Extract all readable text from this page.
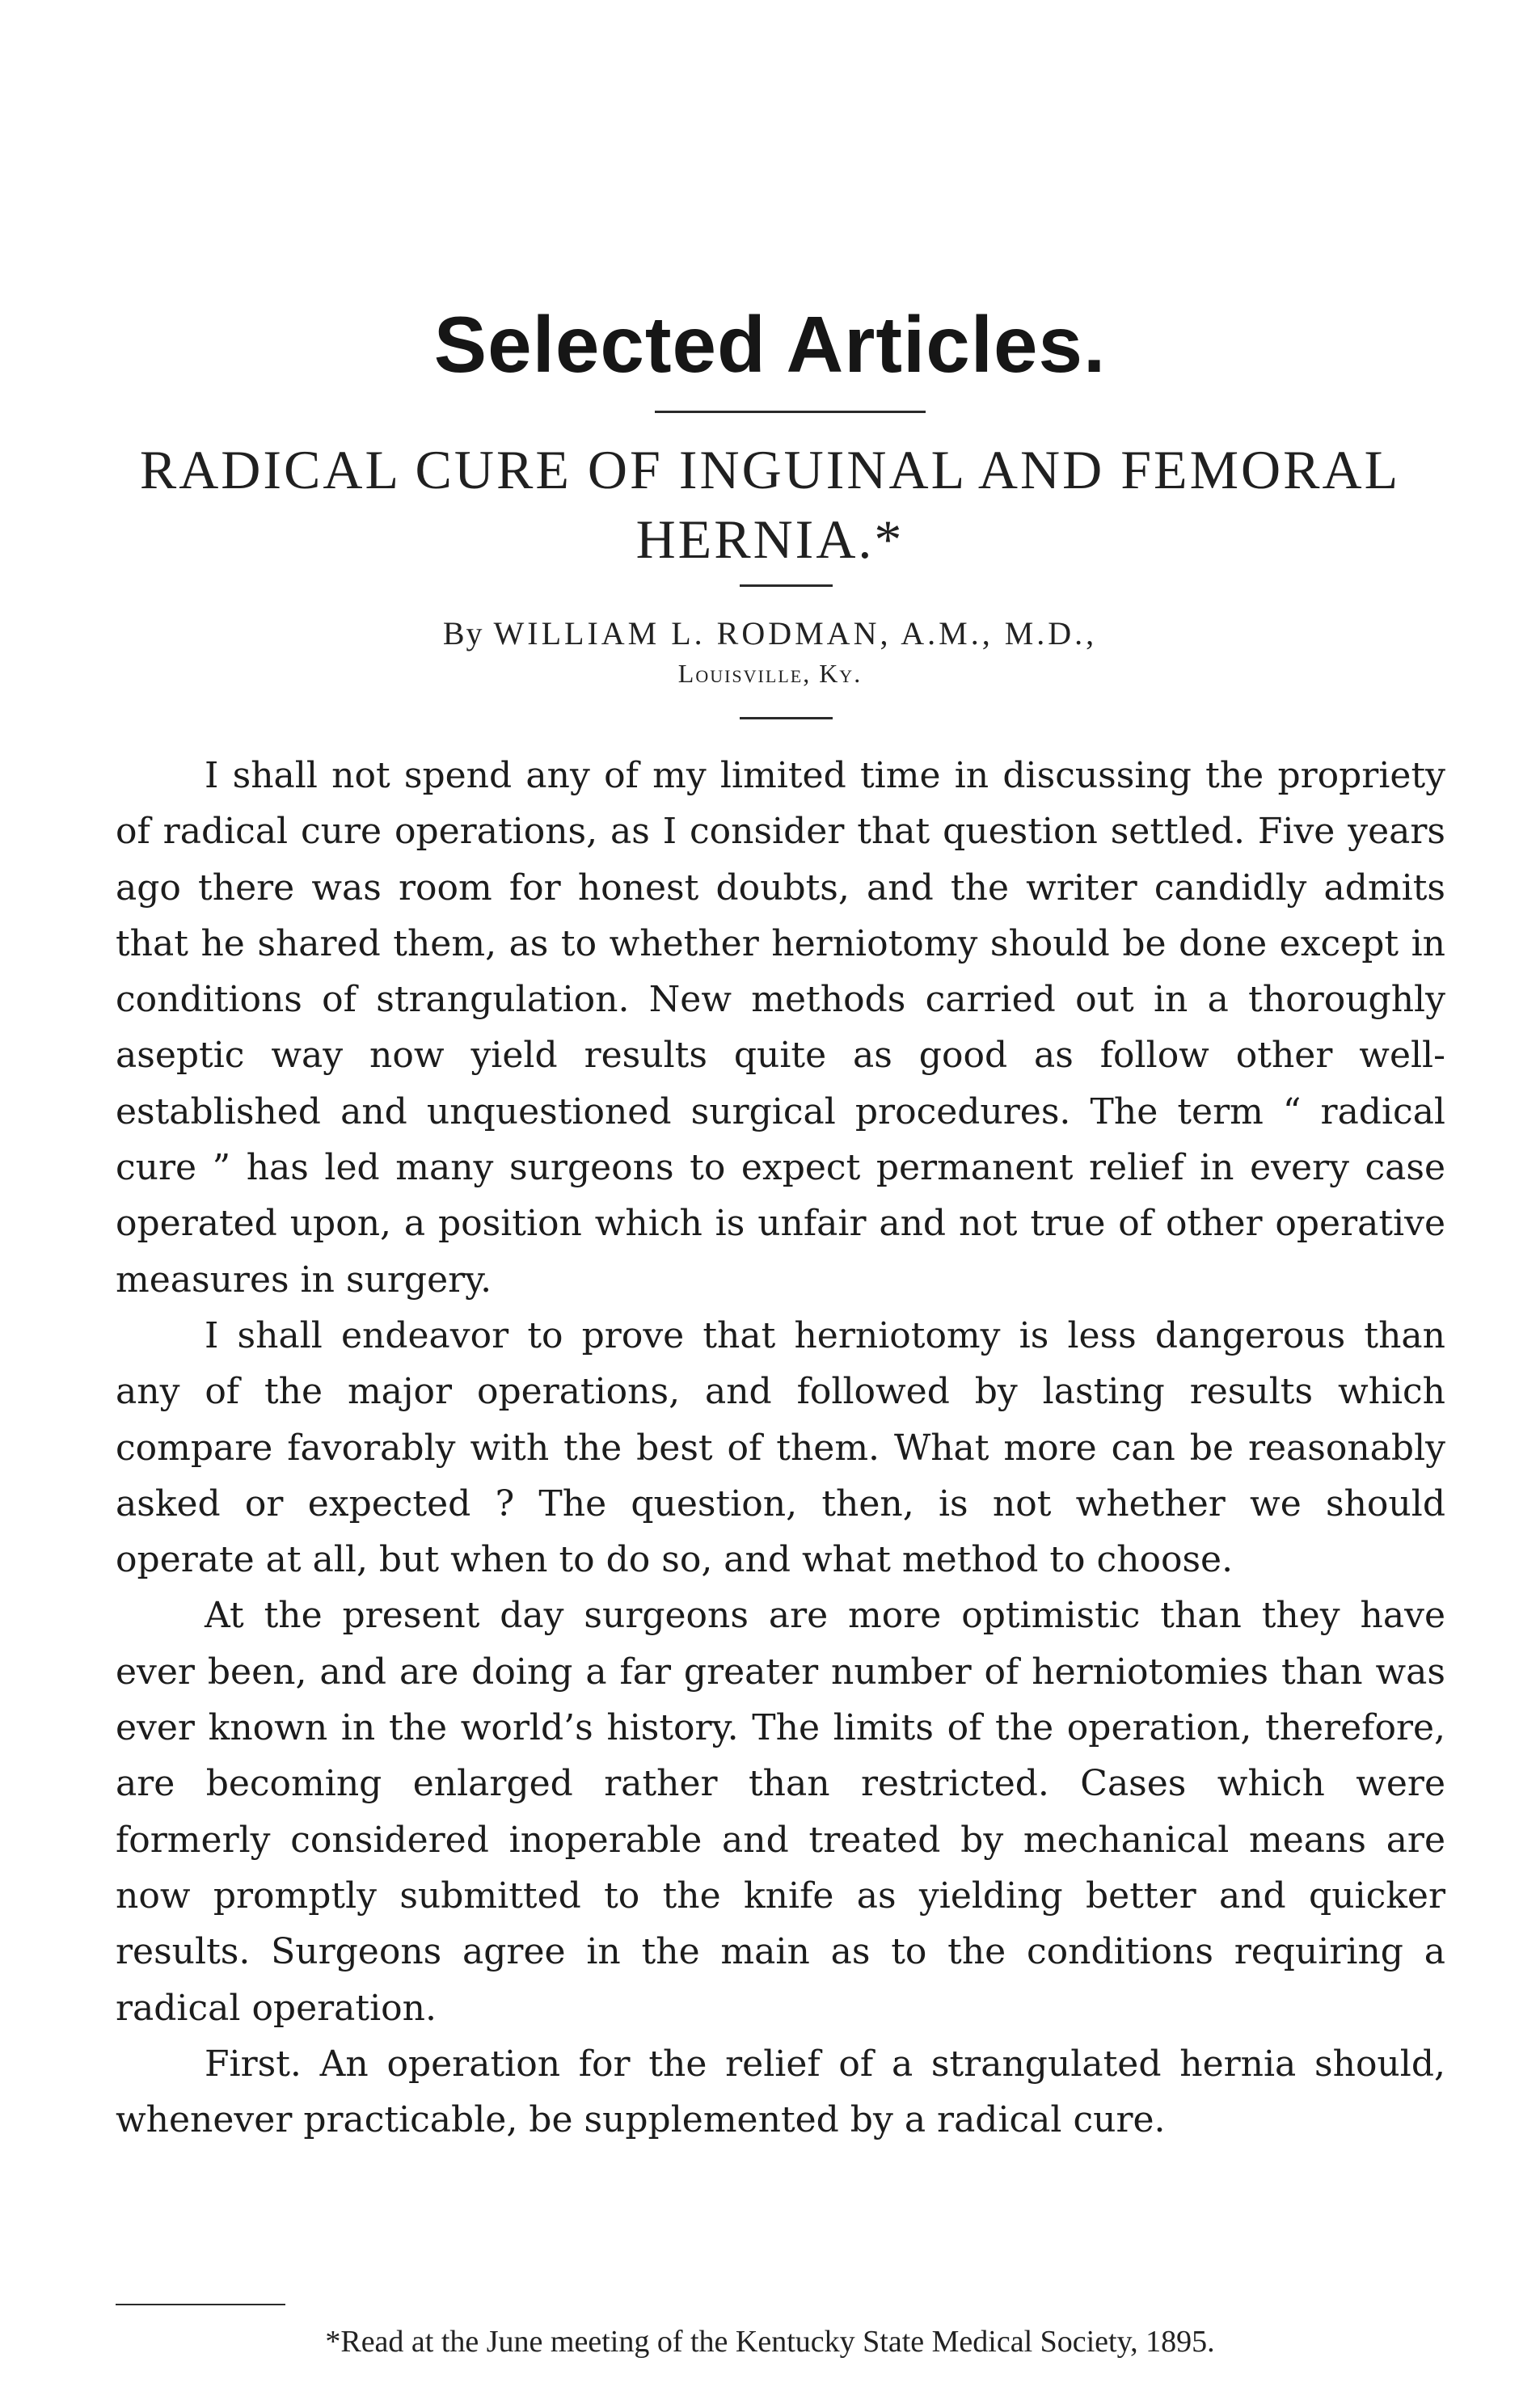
Selected Articles.
RADICAL CURE OF INGUINAL AND FEMORAL
HERNIA.*
By WILLIAM L. RODMAN, A.M., M.D.,
Louisville, Ky.

I shall not spend any of my limited time in discussing the propriety of radical cure operations, as I consider that question settled. Five years ago there was room for honest doubts, and the writer candidly admits that he shared them, as to whether herniotomy should be done except in conditions of strangulation. New methods carried out in a thoroughly aseptic way now yield results quite as good as follow other well-established and unquestioned surgical procedures. The term “ radical cure ” has led many surgeons to expect permanent relief in every case operated upon, a position which is unfair and not true of other operative measures in surgery.

I shall endeavor to prove that herniotomy is less dangerous than any of the major operations, and followed by lasting results which compare favorably with the best of them. What more can be reasonably asked or expected ? The question, then, is not whether we should operate at all, but when to do so, and what method to choose.

At the present day surgeons are more optimistic than they have ever been, and are doing a far greater number of herniotomies than was ever known in the world’s history. The limits of the operation, therefore, are becoming enlarged rather than restricted. Cases which were formerly considered inoperable and treated by mechanical means are now promptly submitted to the knife as yielding better and quicker results. Surgeons agree in the main as to the conditions requiring a radical operation.

First. An operation for the relief of a strangulated hernia should, whenever practicable, be supplemented by a radical cure.

*Read at the June meeting of the Kentucky State Medical Society, 1895.
